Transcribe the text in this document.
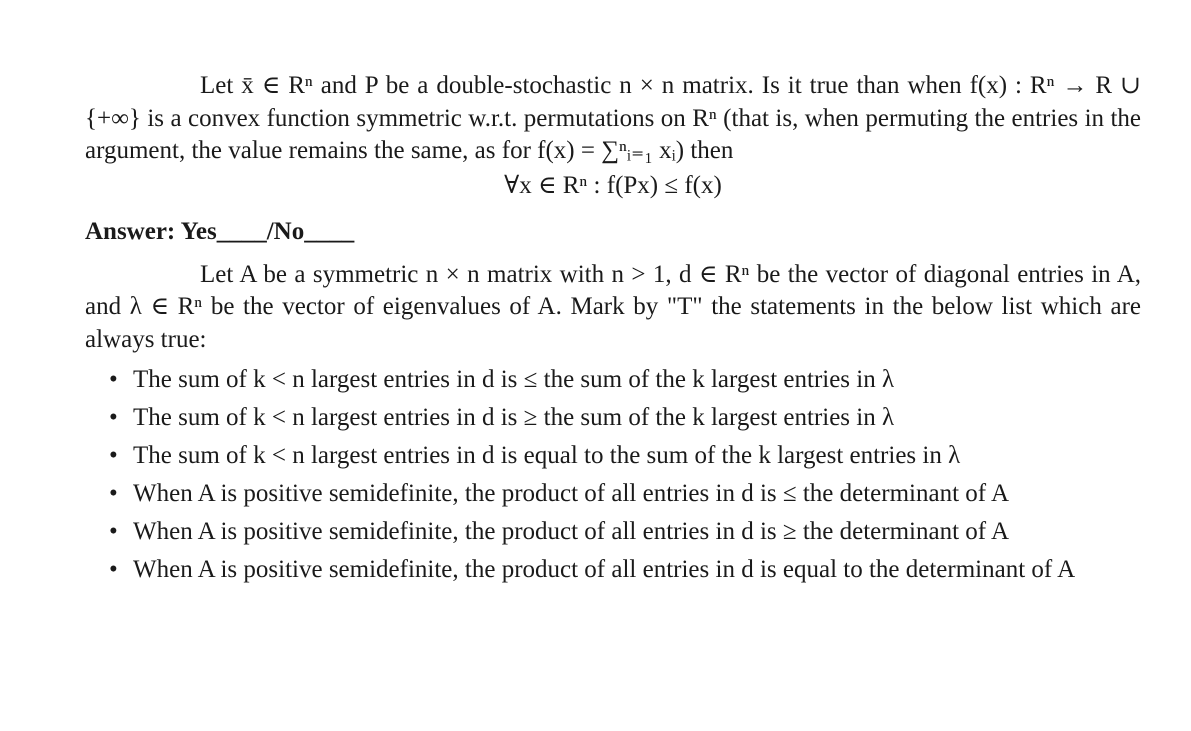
Let x̄ ∈ Rⁿ and P be a double-stochastic n × n matrix. Is it true than when f(x) : Rⁿ → R ∪ {+∞} is a convex function symmetric w.r.t. permutations on Rⁿ (that is, when permuting the entries in the argument, the value remains the same, as for f(x) = ∑ⁿᵢ₌₁ xᵢ) then

∀x ∈ Rⁿ : f(Px) ≤ f(x)
Answer: Yes____/No____

Let A be a symmetric n × n matrix with n > 1, d ∈ Rⁿ be the vector of diagonal entries in A, and λ ∈ Rⁿ be the vector of eigenvalues of A. Mark by "T" the statements in the below list which are always true:

• The sum of k < n largest entries in d is ≤ the sum of the k largest entries in λ
• The sum of k < n largest entries in d is ≥ the sum of the k largest entries in λ
• The sum of k < n largest entries in d is equal to the sum of the k largest entries in λ
• When A is positive semidefinite, the product of all entries in d is ≤ the determinant of A
• When A is positive semidefinite, the product of all entries in d is ≥ the determinant of A
• When A is positive semidefinite, the product of all entries in d is equal to the determinant of A
